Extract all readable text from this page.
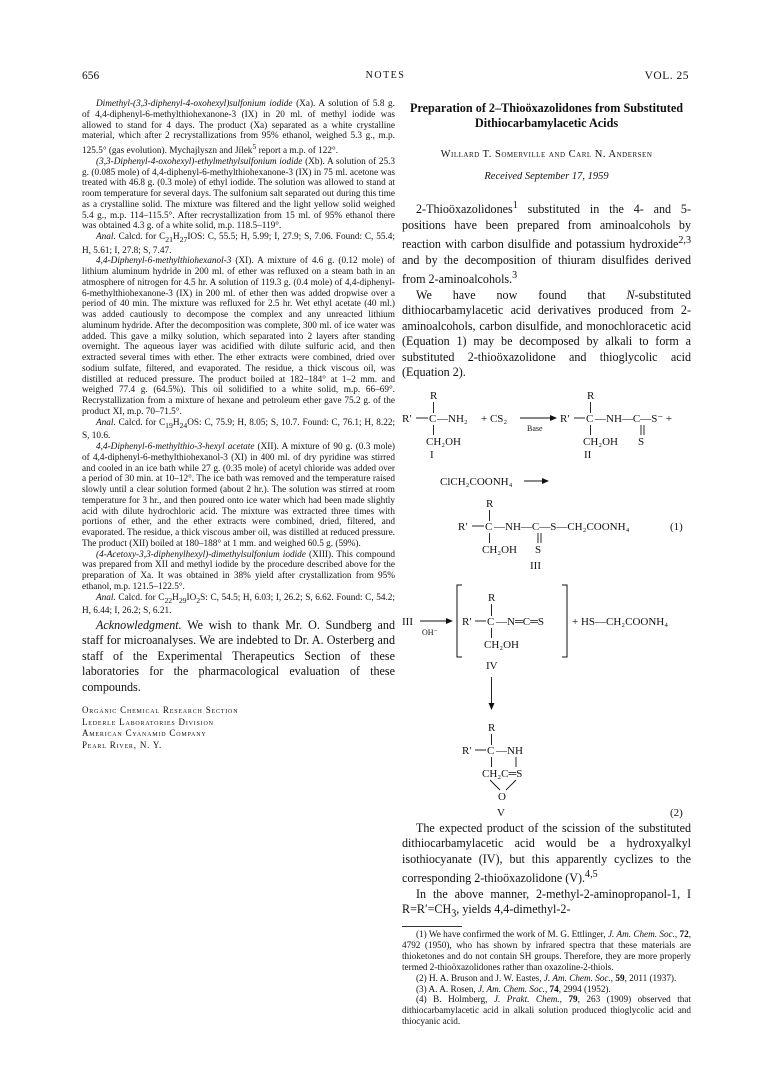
656	NOTES	VOL. 25

Dimethyl-(3,3-diphenyl-4-oxohexyl)sulfonium iodide (Xa). A solution of 5.8 g. of 4,4-diphenyl-6-methylthiohexanone-3 (IX) in 20 ml. of methyl iodide was allowed to stand for 4 days. The product (Xa) separated as a white crystalline material, which after 2 recrystallizations from 95% ethanol, weighed 5.3 g., m.p. 125.5° (gas evolution). Mychajlyszn and Jílek$^5$ report a m.p. of 122°.

(3,3-Diphenyl-4-oxohexyl)-ethylmethylsulfonium iodide (Xb). A solution of 25.3 g. (0.085 mole) of 4,4-diphenyl-6-methylthiohexanone-3 (IX) in 75 ml. acetone was treated with 46.8 g. (0.3 mole) of ethyl iodide. The solution was allowed to stand at room temperature for several days. The sulfonium salt separated out during this time as a crystalline solid. The mixture was filtered and the light yellow solid weighed 5.4 g., m.p. 114–115.5°. After recrystallization from 15 ml. of 95% ethanol there was obtained 4.3 g. of a white solid, m.p. 118.5–119°.

Anal. Calcd. for $C_{21}H_{27}IOS$: C, 55.5; H, 5.99; I, 27.9; S, 7.06. Found: C, 55.4; H, 5.61; I, 27.8; S, 7.47.

4,4-Diphenyl-6-methylthiohexanol-3 (XI). A mixture of 4.6 g. (0.12 mole) of lithium aluminum hydride in 200 ml. of ether was refluxed on a steam bath in an atmosphere of nitrogen for 4.5 hr. A solution of 119.3 g. (0.4 mole) of 4,4-diphenyl-6-methylthiohexanone-3 (IX) in 200 ml. of ether then was added dropwise over a period of 40 min. The mixture was refluxed for 2.5 hr. Wet ethyl acetate (40 ml.) was added cautiously to decompose the complex and any unreacted lithium aluminum hydride. After the decomposition was complete, 300 ml. of ice water was added. This gave a milky solution, which separated into 2 layers after standing overnight. The aqueous layer was acidified with dilute sulfuric acid, and then extracted several times with ether. The ether extracts were combined, dried over sodium sulfate, filtered, and evaporated. The residue, a thick viscous oil, was distilled at reduced pressure. The product boiled at 182–184° at 1–2 mm. and weighed 77.4 g. (64.5%). This oil solidified to a white solid, m.p. 66–69°. Recrystallization from a mixture of hexane and petroleum ether gave 75.2 g. of the product XI, m.p. 70–71.5°.

Anal. Calcd. for $C_{19}H_{24}OS$: C, 75.9; H, 8.05; S, 10.7. Found: C, 76.1; H, 8.22; S, 10.6.

4,4-Diphenyl-6-methylthio-3-hexyl acetate (XII). A mixture of 90 g. (0.3 mole) of 4,4-diphenyl-6-methylthiohexanol-3 (XI) in 400 ml. of dry pyridine was stirred and cooled in an ice bath while 27 g. (0.35 mole) of acetyl chloride was added over a period of 30 min. at 10–12°. The ice bath was removed and the temperature raised slowly until a clear solution formed (about 2 hr.). The solution was stirred at room temperature for 3 hr., and then poured onto ice water which had been made slightly acid with dilute hydrochloric acid. The mixture was extracted three times with portions of ether, and the ether extracts were combined, dried, filtered, and evaporated. The residue, a thick viscous amber oil, was distilled at reduced pressure. The product (XII) boiled at 180–188° at 1 mm. and weighed 60.5 g. (59%).

(4-Acetoxy-3,3-diphenylhexyl)-dimethylsulfonium iodide (XIII). This compound was prepared from XII and methyl iodide by the procedure described above for the preparation of Xa. It was obtained in 38% yield after crystallization from 95% ethanol, m.p. 121.5–122.5°.

Anal. Calcd. for $C_{22}H_{29}IO_2S$: C, 54.5; H, 6.03; I, 26.2; S, 6.62. Found: C, 54.2; H, 6.44; I, 26.2; S, 6.21.

Acknowledgment. We wish to thank Mr. O. Sundberg and staff for microanalyses. We are indebted to Dr. A. Osterberg and staff of the Experimental Therapeutics Section of these laboratories for the pharmacological evaluation of these compounds.

Organic Chemical Research Section
Lederle Laboratories Division
American Cyanamid Company
Pearl River, N. Y.
Preparation of 2–Thioöxazolidones from Substituted Dithiocarbamylacetic Acids
Willard T. Somerville and Carl N. Andersen
Received September 17, 1959

2-Thioöxazolidones$^1$ substituted in the 4- and 5- positions have been prepared from aminoalcohols by reaction with carbon disulfide and potassium hydroxide$^{2,3}$ and by the decomposition of thiuram disulfides derived from 2-aminoalcohols.$^3$

We have now found that N-substituted dithiocarbamylacetic acid derivatives produced from 2-aminoalcohols, carbon disulfide, and monochloracetic acid (Equation 1) may be decomposed by alkali to form a substituted 2-thioöxazolidone and thioglycolic acid (Equation 2).

R
R′ C —NH₂ + CS₂
CH₂OH
I
Base
R
R′ C —NH—C—S⁻ +
CH₂OH S
II
ClCH₂COONH₄
R
R′ C —NH—C—S—CH₂COONH₄	(1)
CH₂OH S
III
III
OH⁻
R
R′ C —N═C═S
CH₂OH
+ HS—CH₂COONH₄
IV
R
R′ C —NH
CH₂C═S
O
V	(2)

The expected product of the scission of the substituted dithiocarbamylacetic acid would be a hydroxyalkyl isothiocyanate (IV), but this apparently cyclizes to the corresponding 2-thioöxazolidone (V).$^{4,5}$

In the above manner, 2-methyl-2-aminopropanol-1, I $R=R'=CH_3$, yields 4,4-dimethyl-2-

(1) We have confirmed the work of M. G. Ettlinger, J. Am. Chem. Soc., 72, 4792 (1950), who has shown by infrared spectra that these materials are thioketones and do not contain SH groups. Therefore, they are more properly termed 2-thioöxazolidones rather than oxazoline-2-thiols.

(2) H. A. Bruson and J. W. Eastes, J. Am. Chem. Soc., 59, 2011 (1937).

(3) A. A. Rosen, J. Am. Chem. Soc., 74, 2994 (1952).

(4) B. Holmberg, J. Prakt. Chem., 79, 263 (1909) observed that dithiocarbamylacetic acid in alkali solution produced thioglycolic acid and thiocyanic acid.
